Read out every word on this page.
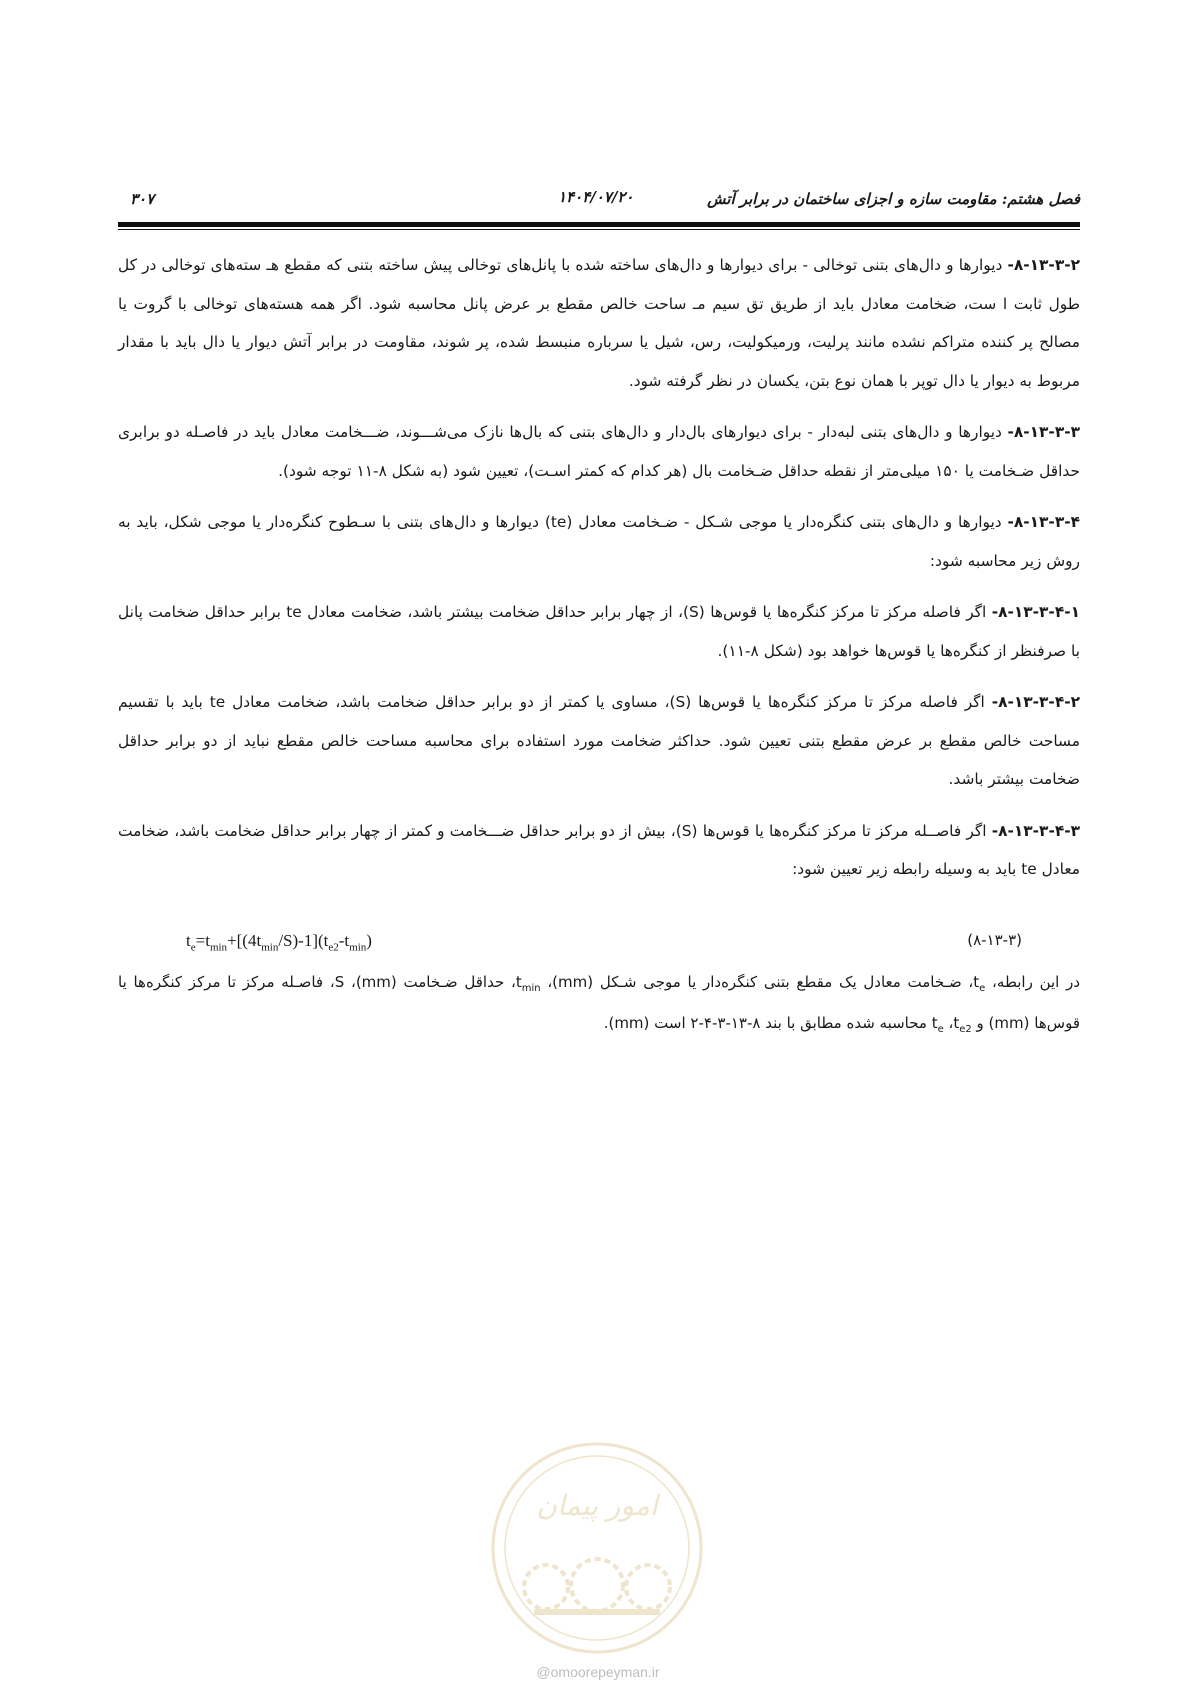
فصل هشتم: مقاومت سازه و اجزای ساختمان در برابر آتش
۱۴۰۴/۰۷/۲۰
۳۰۷

۸-۱۳-۳-۲- دیوارها و دال‌های بتنی توخالی - برای دیوارها و دال‌های ساخته شده با پانل‌های توخالی پیش ساخته بتنی که مقطع هـ سته‌های توخالی در کل طول ثابت ا ست، ضخامت معادل باید از طریق تق سیم مـ ساحت خالص مقطع بر عرض پانل محاسبه شود. اگر همه هسته‌های توخالی با گروت یا مصالح پر کننده متراکم نشده مانند پرلیت، ورمیکولیت، رس، شیل یا سرباره منبسط شده، پر شوند، مقاومت در برابر آتش دیوار یا دال باید با مقدار مربوط به دیوار یا دال توپر با همان نوع بتن، یکسان در نظر گرفته شود.

۸-۱۳-۳-۳- دیوارها و دال‌های بتنی لبه‌دار - برای دیوارهای بال‌دار و دال‌های بتنی که بال‌ها نازک می‌شـــوند، ضـــخامت معادل باید در فاصـله دو برابری حداقل ضـخامت یا ۱۵۰ میلی‌متر از نقطه حداقل ضـخامت بال (هر کدام که کمتر اسـت)، تعیین شود (به شکل ۸-۱۱ توجه شود).

۸-۱۳-۳-۴- دیوارها و دال‌های بتنی کنگره‌دار یا موجی شـکل - ضـخامت معادل (te) دیوارها و دال‌های بتنی با سـطوح کنگره‌دار یا موجی شکل، باید به روش زیر محاسبه شود:

۸-۱۳-۳-۴-۱- اگر فاصله مرکز تا مرکز کنگره‌ها یا قوس‌ها (S)، از چهار برابر حداقل ضخامت بیشتر باشد، ضخامت معادل te برابر حداقل ضخامت پانل با صرفنظر از کنگره‌ها یا قوس‌ها خواهد بود (شکل ۸-۱۱).

۸-۱۳-۳-۴-۲- اگر فاصله مرکز تا مرکز کنگره‌ها یا قوس‌ها (S)، مساوی یا کمتر از دو برابر حداقل ضخامت باشد، ضخامت معادل te باید با تقسیم مساحت خالص مقطع بر عرض مقطع بتنی تعیین شود. حداکثر ضخامت مورد استفاده برای محاسبه مساحت خالص مقطع نباید از دو برابر حداقل ضخامت بیشتر باشد.

۸-۱۳-۳-۴-۳- اگر فاصــله مرکز تا مرکز کنگره‌ها یا قوس‌ها (S)، بیش از دو برابر حداقل ضـــخامت و کمتر از چهار برابر حداقل ضخامت باشد، ضخامت معادل te باید به وسیله رابطه زیر تعیین شود:

$t_e=t_{min}+[(4t_{min}/S)-1](t_{e2}-t_{min})$	(۸-۱۳-۳)

در این رابطه، $t_e،$ ضـخامت معادل یک مقطع بتنی کنگره‌دار یا موجی شـکل (mm)، $t_{min}،$ حداقل ضـخامت (mm)، S، فاصـله مرکز تا مرکز کنگره‌ها یا قوس‌ها (mm) و $t_{e2}،$ $t_e$ محاسبه شده مطابق با بند ۸-۱۳-۳-۴-۲ است (mm).

امور پیمان
@omoorepeyman.ir
